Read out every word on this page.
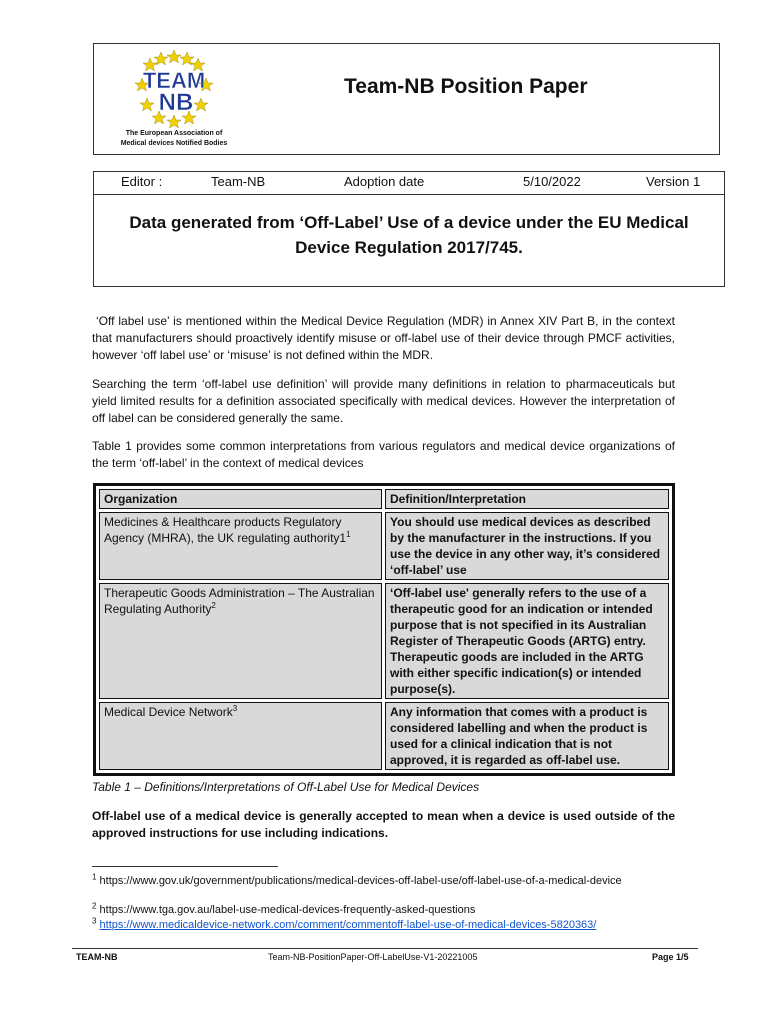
TEAM
NB
The European Association of
Medical devices Notified Bodies
Team-NB Position Paper
Editor :	Team-NB	Adoption date	5/10/2022	Version 1
Data generated from ‘Off-Label’ Use of a device under the EU Medical
Device Regulation 2017/745.

‘Off label use’ is mentioned within the Medical Device Regulation (MDR) in Annex XIV Part B, in the context that manufacturers should proactively identify misuse or off-label use of their device through PMCF activities, however ‘off label use’ or ‘misuse’ is not defined within the MDR.

Searching the term ‘off-label use definition’ will provide many definitions in relation to pharmaceuticals but yield limited results for a definition associated specifically with medical devices. However the interpretation of off label can be considered generally the same.

Table 1 provides some common interpretations from various regulators and medical device organizations of the term ‘off-label’ in the context of medical devices

Organization	Definition/Interpretation
Medicines & Healthcare products Regulatory Agency (MHRA), the UK regulating $authority1^1$	You should use medical devices as described by the manufacturer in the instructions. If you use the device in any other way, it’s considered ‘off-label’ use
Therapeutic Goods Administration – The Australian Regulating Authority$^2$	‘Off-label use' generally refers to the use of a therapeutic good for an indication or intended purpose that is not specified in its Australian Register of Therapeutic Goods (ARTG) entry. Therapeutic goods are included in the ARTG with either specific indication(s) or intended purpose(s).
Medical Device Network$^3$	Any information that comes with a product is considered labelling and when the product is used for a clinical indication that is not approved, it is regarded as off-label use.
Table 1 – Definitions/Interpretations of Off-Label Use for Medical Devices

Off-label use of a medical device is generally accepted to mean when a device is used outside of the approved instructions for use including indications.

$^1$ https://www.gov.uk/government/publications/medical-devices-off-label-use/off-label-use-of-a-medical-device
$^2$ https://www.tga.gov.au/label-use-medical-devices-frequently-asked-questions
$^3$ https://www.medicaldevice-network.com/comment/commentoff-label-use-of-medical-devices-5820363/
TEAM-NB	Team-NB-PositionPaper-Off-LabelUse-V1-20221005	Page 1/5
